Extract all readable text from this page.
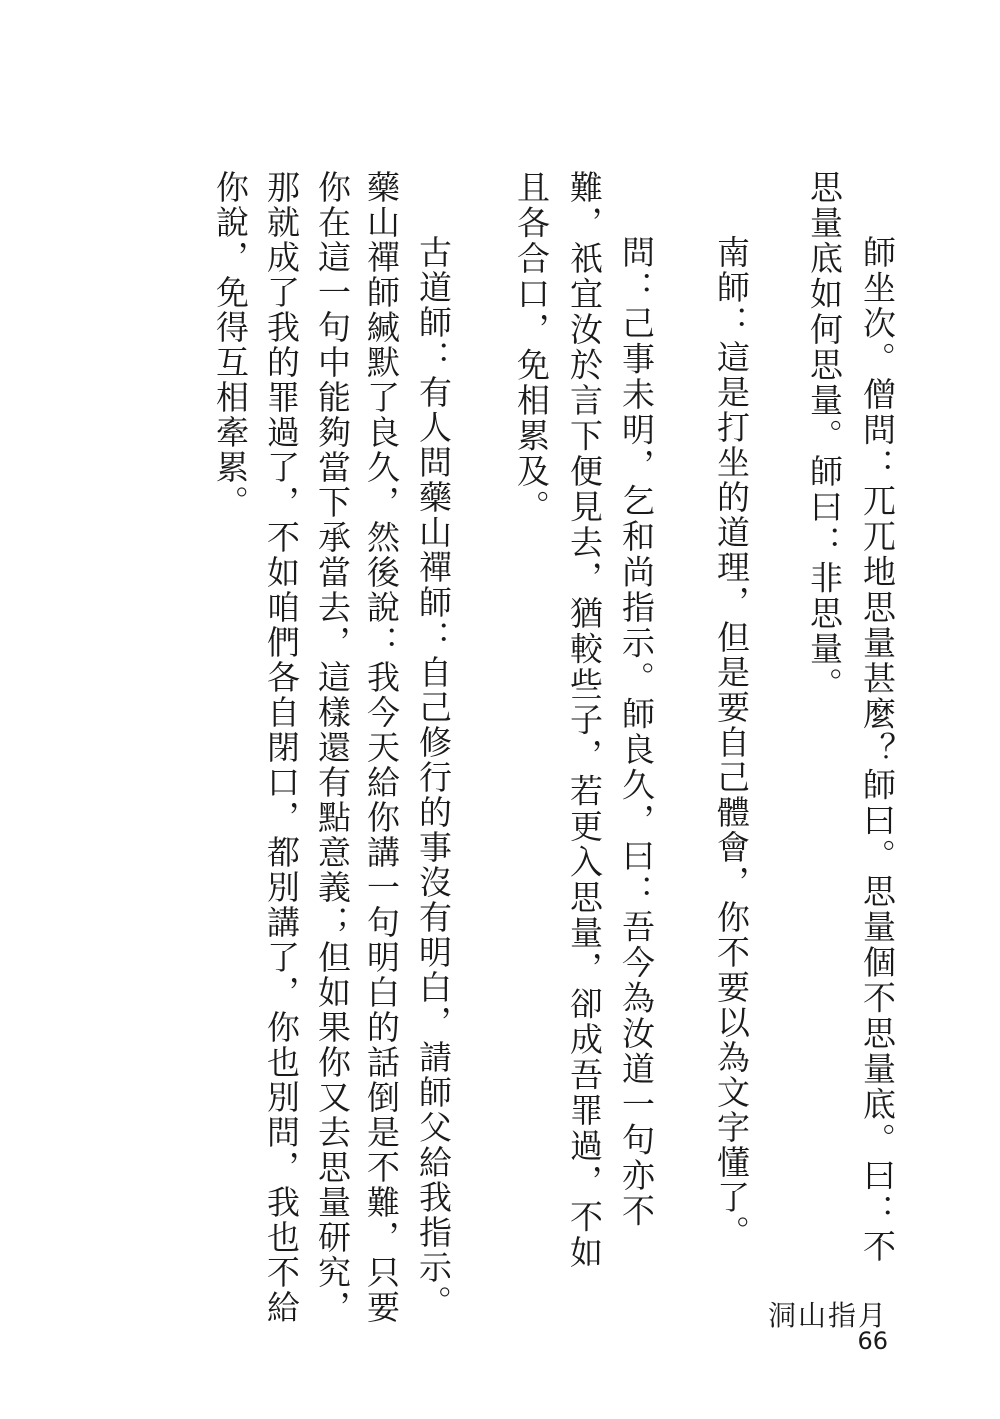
師坐次。僧問：兀兀地思量甚麼？師曰。思量個不思量底。曰：不

思量底如何思量。師曰：非思量。

南師：這是打坐的道理，但是要自己體會，你不要以為文字懂了。

問：己事未明，乞和尚指示。師良久，曰：吾今為汝道一句亦不

難，祇宜汝於言下便見去，猶較些子，若更入思量，卻成吾罪過，不如

且各合口，免相累及。

古道師：有人問藥山禪師：自己修行的事沒有明白，請師父給我指示。

藥山禪師緘默了良久，然後說：我今天給你講一句明白的話倒是不難，只要

你在這一句中能夠當下承當去，這樣還有點意義；但如果你又去思量研究，

那就成了我的罪過了，不如咱們各自閉口，都別講了，你也別問，我也不給

你說，免得互相牽累。

洞山指月

66
